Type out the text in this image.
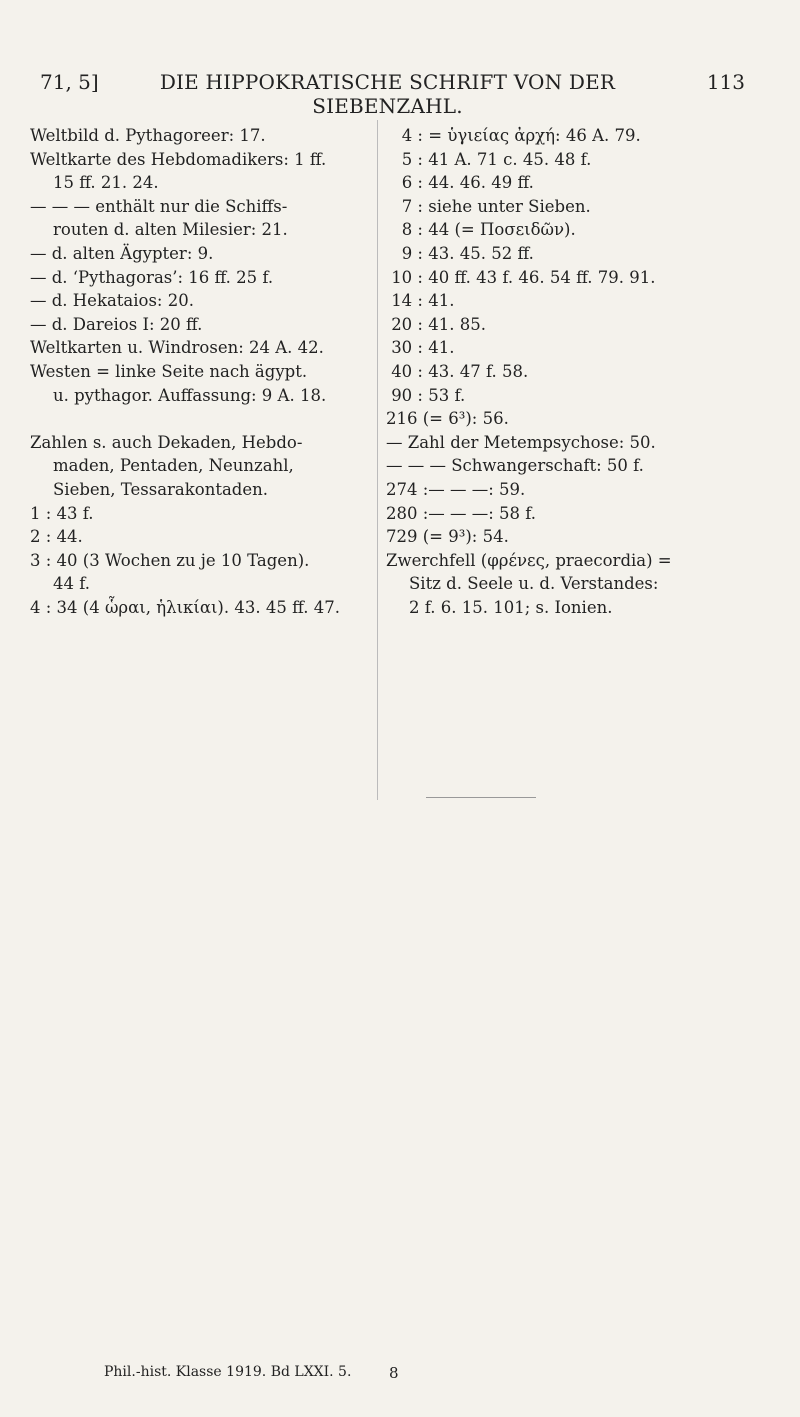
71, 5]	DIE HIPPOKRATISCHE SCHRIFT VON DER SIEBENZAHL.
113
Weltbild d. Pythagoreer: 17.
Weltkarte des Hebdomadikers: 1 ff.
15 ff. 21. 24.
— — — enthält nur die Schiffs-
routen d. alten Milesier: 21.
— d. alten Ägypter: 9.
— d. ‘Pythagoras’: 16 ff. 25 f.
— d. Hekataios: 20.
— d. Dareios I: 20 ff.
Weltkarten u. Windrosen: 24 A. 42.
Westen = linke Seite nach ägypt.
u. pythagor. Auffassung: 9 A. 18.
Zahlen s. auch Dekaden, Hebdo-
maden, Pentaden, Neunzahl,
Sieben, Tessarakontaden.
1 : 43 f.
2 : 44.
3 : 40 (3 Wochen zu je 10 Tagen).
44 f.
4 : 34 (4 ὧραι, ἡλικίαι). 43. 45 ff. 47.
4 : = ὑγιείας ἀρχή: 46 A. 79.
5 : 41 A. 71 c. 45. 48 f.
6 : 44. 46. 49 ff.
7 : siehe unter Sieben.
8 : 44 (= Ποσειδῶν).
9 : 43. 45. 52 ff.
10 : 40 ff. 43 f. 46. 54 ff. 79. 91.
14 : 41.
20 : 41. 85.
30 : 41.
40 : 43. 47 f. 58.
90 : 53 f.
216 (= 6³): 56.
— Zahl der Metempsychose: 50.
— — — Schwangerschaft: 50 f.
274 : — — —: 59.
280 : — — —: 58 f.
729 (= 9³): 54.
Zwerchfell (φρένες, praecordia) =
Sitz d. Seele u. d. Verstandes:
2 f. 6. 15. 101; s. Ionien.
Phil.-hist. Klasse 1919. Bd LXXI. 5.	8
